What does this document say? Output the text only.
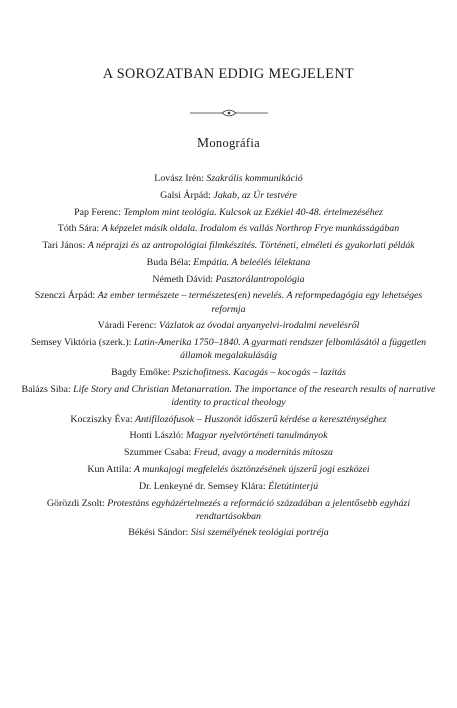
A SOROZATBAN EDDIG MEGJELENT
Monográfia
Lovász Irén: Szakrális kommunikáció
Galsi Árpád: Jakab, az Úr testvére
Pap Ferenc: Templom mint teológia. Kulcsok az Ezékiel 40-48. értelmezéséhez
Tóth Sára: A képzelet másik oldala. Irodalom és vallás Northrop Frye munkásságában
Tari János: A néprajzi és az antropológiai filmkészítés. Történeti, elméleti és gyakorlati példák
Buda Béla: Empátia. A beleélés lélektana
Németh Dávid: Pasztorálantropológia
Szenczi Árpád: Az ember természete – természetes(en) nevelés. A reformpedagógia egy lehetséges reformja
Váradi Ferenc: Vázlatok az óvodai anyanyelvi-irodalmi nevelésről
Semsey Viktória (szerk.): Latin-Amerika 1750–1840. A gyarmati rendszer felbomlásától a független államok megalakulásáig
Bagdy Emőke: Pszichofitness. Kacagás – kocogás – lazítás
Balázs Siba: Life Story and Christian Metanarration. The importance of the research results of narrative identity to practical theology
Kocziszky Éva: Antifilozófusok – Huszonöt időszerű kérdése a kereszténységhez
Honti László: Magyar nyelvtörténeti tanulmányok
Szummer Csaba: Freud, avagy a modernitás mítosza
Kun Attila: A munkajogi megfelelés ösztönzésének újszerű jogi eszközei
Dr. Lenkeyné dr. Semsey Klára: Életútinterjú
Görözdi Zsolt: Protestáns egyházértelmezés a reformáció századában a jelentősebb egyházi rendtartásokban
Békési Sándor: Sisi személyének teológiai portréja
